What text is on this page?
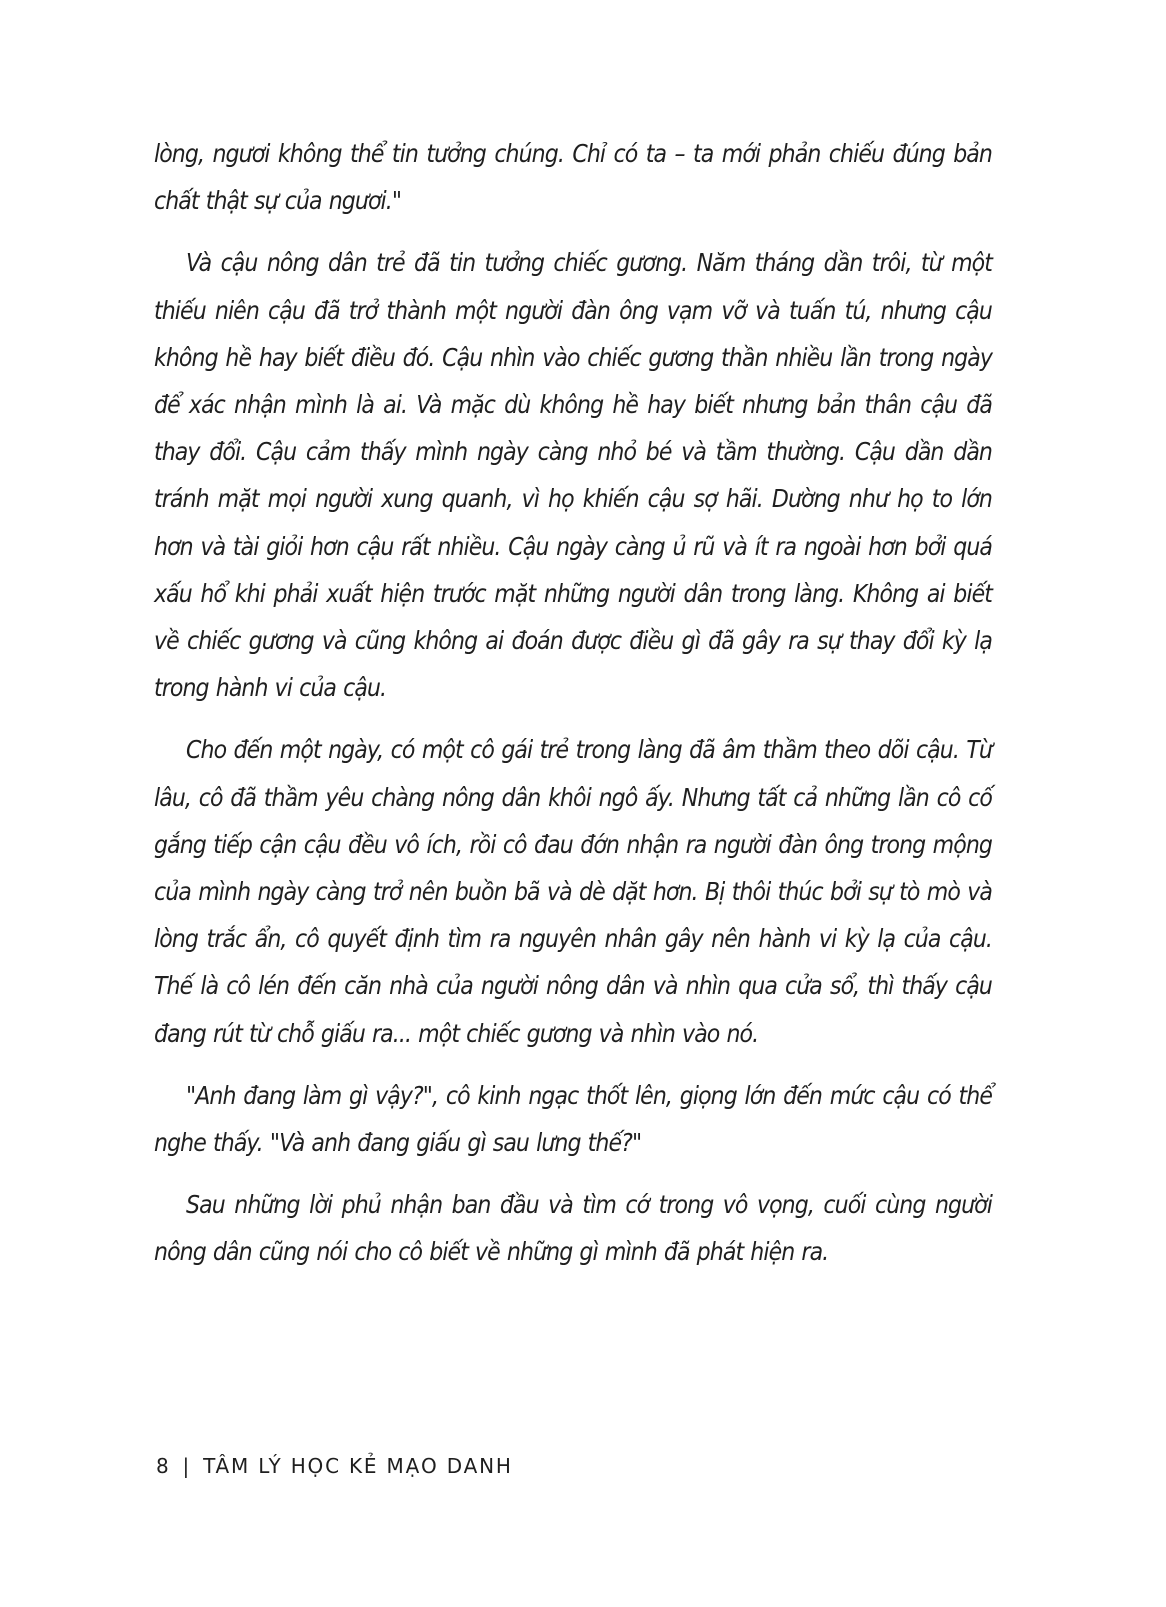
lòng, ngươi không thể tin tưởng chúng. Chỉ có ta – ta mới phản chiếu đúng bản chất thật sự của ngươi."

Và cậu nông dân trẻ đã tin tưởng chiếc gương. Năm tháng dần trôi, từ một thiếu niên cậu đã trở thành một người đàn ông vạm vỡ và tuấn tú, nhưng cậu không hề hay biết điều đó. Cậu nhìn vào chiếc gương thần nhiều lần trong ngày để xác nhận mình là ai. Và mặc dù không hề hay biết nhưng bản thân cậu đã thay đổi. Cậu cảm thấy mình ngày càng nhỏ bé và tầm thường. Cậu dần dần tránh mặt mọi người xung quanh, vì họ khiến cậu sợ hãi. Dường như họ to lớn hơn và tài giỏi hơn cậu rất nhiều. Cậu ngày càng ủ rũ và ít ra ngoài hơn bởi quá xấu hổ khi phải xuất hiện trước mặt những người dân trong làng. Không ai biết về chiếc gương và cũng không ai đoán được điều gì đã gây ra sự thay đổi kỳ lạ trong hành vi của cậu.

Cho đến một ngày, có một cô gái trẻ trong làng đã âm thầm theo dõi cậu. Từ lâu, cô đã thầm yêu chàng nông dân khôi ngô ấy. Nhưng tất cả những lần cô cố gắng tiếp cận cậu đều vô ích, rồi cô đau đớn nhận ra người đàn ông trong mộng của mình ngày càng trở nên buồn bã và dè dặt hơn. Bị thôi thúc bởi sự tò mò và lòng trắc ẩn, cô quyết định tìm ra nguyên nhân gây nên hành vi kỳ lạ của cậu. Thế là cô lén đến căn nhà của người nông dân và nhìn qua cửa sổ, thì thấy cậu đang rút từ chỗ giấu ra... một chiếc gương và nhìn vào nó.

"Anh đang làm gì vậy?", cô kinh ngạc thốt lên, giọng lớn đến mức cậu có thể nghe thấy. "Và anh đang giấu gì sau lưng thế?"

Sau những lời phủ nhận ban đầu và tìm cớ trong vô vọng, cuối cùng người nông dân cũng nói cho cô biết về những gì mình đã phát hiện ra.

8 | TÂM LÝ HỌC KẺ MẠO DANH
